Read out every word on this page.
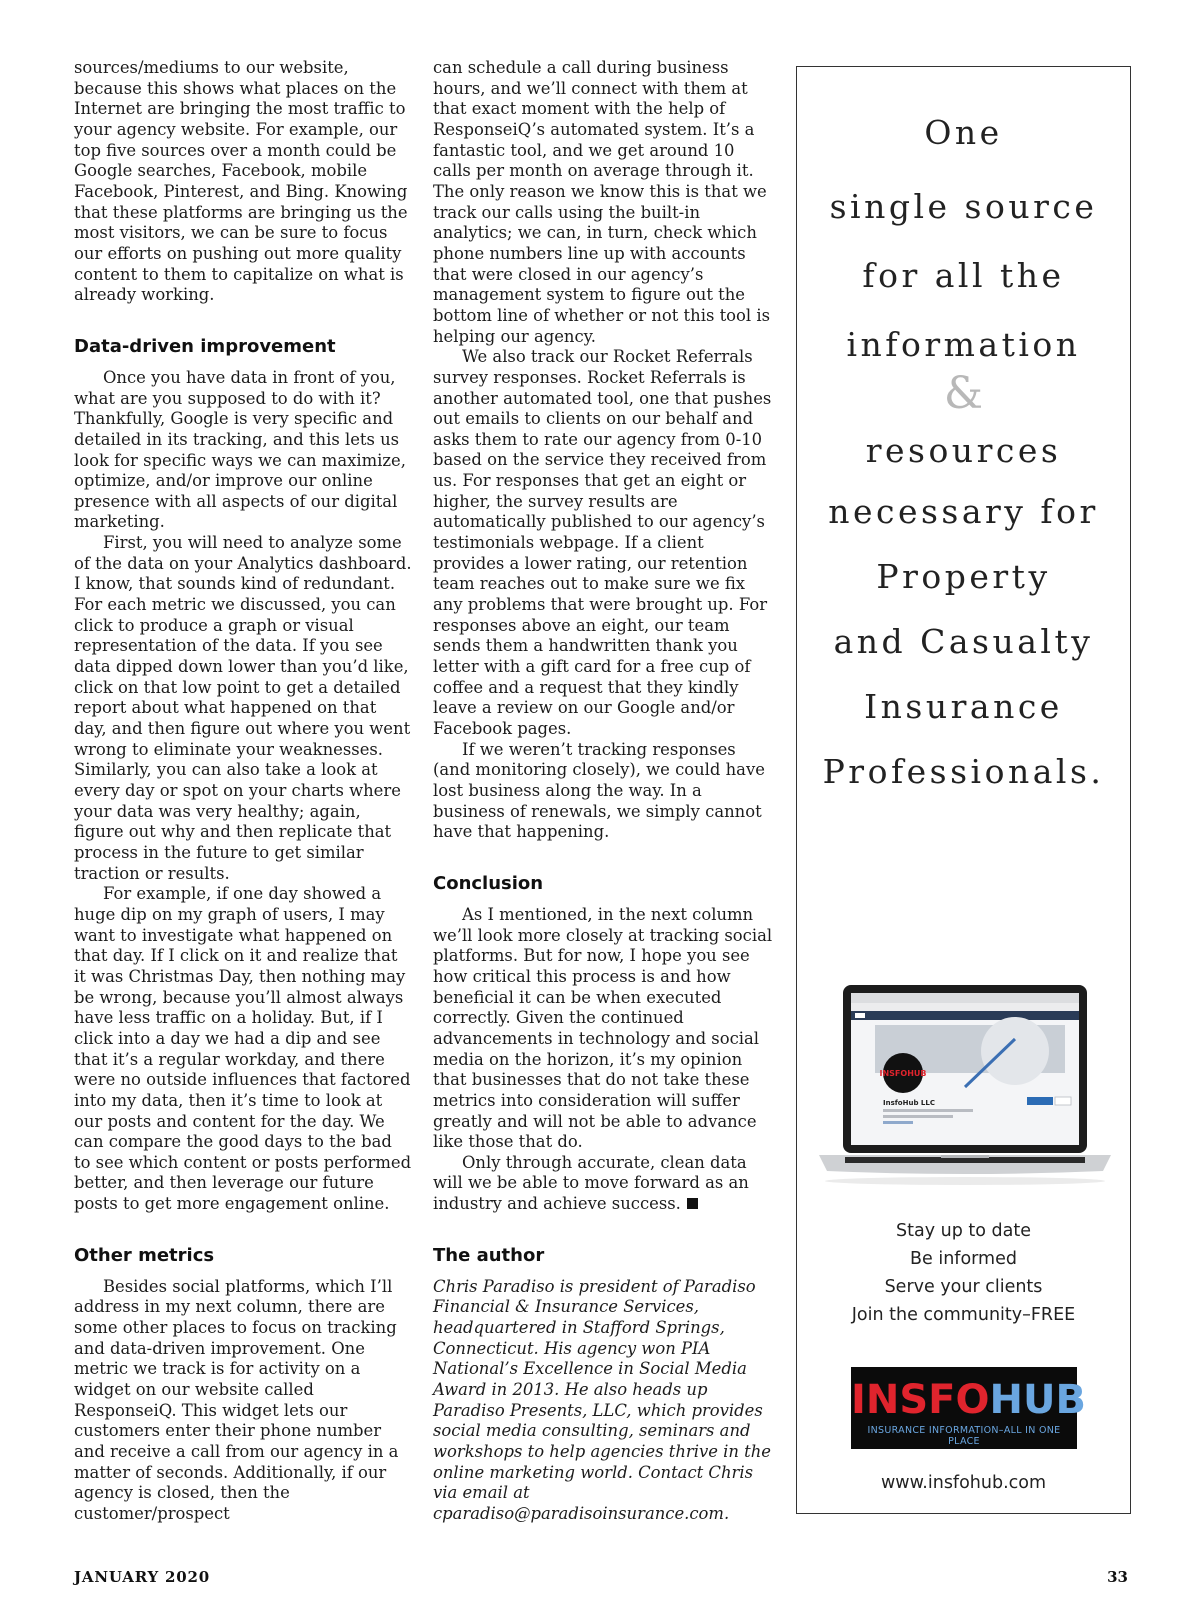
sources/mediums to our website, because this shows what places on the Internet are bringing the most traffic to your agency website. For example, our top five sources over a month could be Google searches, Facebook, mobile Facebook, Pinterest, and Bing. Knowing that these platforms are bringing us the most visitors, we can be sure to focus our efforts on pushing out more quality content to them to capitalize on what is already working.

Data-driven improvement

Once you have data in front of you, what are you supposed to do with it? Thankfully, Google is very specific and detailed in its tracking, and this lets us look for specific ways we can maximize, optimize, and/or improve our online presence with all aspects of our digital marketing.

First, you will need to analyze some of the data on your Analytics dashboard. I know, that sounds kind of redundant. For each metric we discussed, you can click to produce a graph or visual representation of the data. If you see data dipped down lower than you’d like, click on that low point to get a detailed report about what happened on that day, and then figure out where you went wrong to eliminate your weaknesses. Similarly, you can also take a look at every day or spot on your charts where your data was very healthy; again, figure out why and then replicate that process in the future to get similar traction or results.

For example, if one day showed a huge dip on my graph of users, I may want to investigate what happened on that day. If I click on it and realize that it was Christmas Day, then nothing may be wrong, because you’ll almost always have less traffic on a holiday. But, if I click into a day we had a dip and see that it’s a regular workday, and there were no outside influences that factored into my data, then it’s time to look at our posts and content for the day. We can compare the good days to the bad to see which content or posts performed better, and then leverage our future posts to get more engagement online.

Other metrics

Besides social platforms, which I’ll address in my next column, there are some other places to focus on tracking and data-driven improvement. One metric we track is for activity on a widget on our website called ResponseiQ. This widget lets our customers enter their phone number and receive a call from our agency in a matter of seconds. Additionally, if our agency is closed, then the customer/prospect

can schedule a call during business hours, and we’ll connect with them at that exact moment with the help of ResponseiQ’s automated system. It’s a fantastic tool, and we get around 10 calls per month on average through it. The only reason we know this is that we track our calls using the built-in analytics; we can, in turn, check which phone numbers line up with accounts that were closed in our agency’s management system to figure out the bottom line of whether or not this tool is helping our agency.

We also track our Rocket Referrals survey responses. Rocket Referrals is another automated tool, one that pushes out emails to clients on our behalf and asks them to rate our agency from 0-10 based on the service they received from us. For responses that get an eight or higher, the survey results are automatically published to our agency’s testimonials webpage. If a client provides a lower rating, our retention team reaches out to make sure we fix any problems that were brought up. For responses above an eight, our team sends them a handwritten thank you letter with a gift card for a free cup of coffee and a request that they kindly leave a review on our Google and/or Facebook pages.

If we weren’t tracking responses (and monitoring closely), we could have lost business along the way. In a business of renewals, we simply cannot have that happening.

Conclusion

As I mentioned, in the next column we’ll look more closely at tracking social platforms. But for now, I hope you see how critical this process is and how beneficial it can be when executed correctly. Given the continued advancements in technology and social media on the horizon, it’s my opinion that businesses that do not take these metrics into consideration will suffer greatly and will not be able to advance like those that do.

Only through accurate, clean data will we be able to move forward as an industry and achieve success.

The author

Chris Paradiso is president of Paradiso Financial & Insurance Services, headquartered in Stafford Springs, Connecticut. His agency won PIA National’s Excellence in Social Media Award in 2013. He also heads up Paradiso Presents, LLC, which provides social media consulting, seminars and workshops to help agencies thrive in the online marketing world. Contact Chris via email at cparadiso@paradisoinsurance.com.

One
single source
for all the
information
&
resources
necessary for
Property
and Casualty
Insurance
Professionals.
INSFOHUB
InsfoHub LLC
Stay up to date
Be informed
Serve your clients
Join the community–FREE
INSFOHUB
INSURANCE INFORMATION–ALL IN ONE PLACE
www.insfohub.com
JANUARY 2020	33
